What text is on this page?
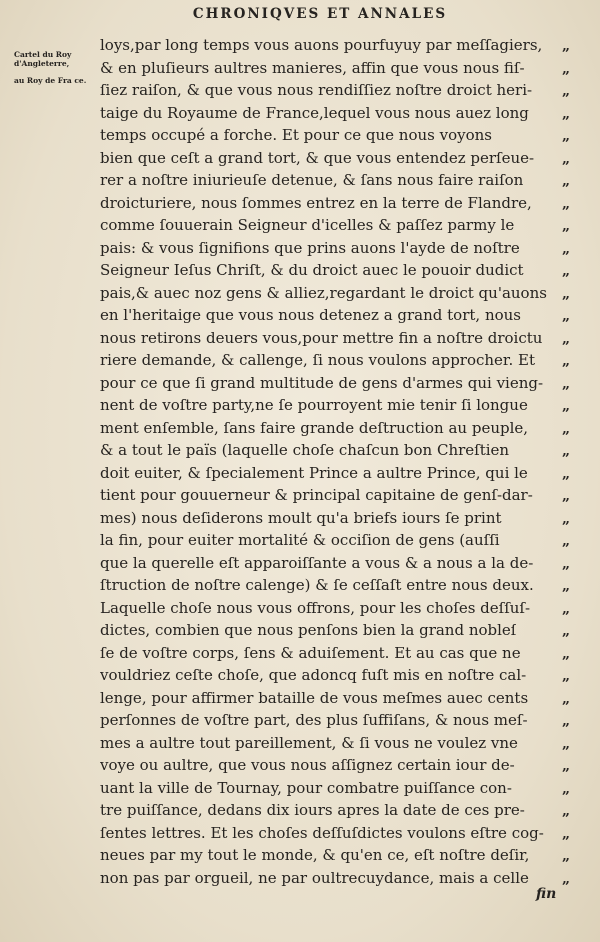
CHRONIQVES ET ANNALES
Cartel du Roy d'Angleterre,
au Roy de Fra ce.
loys,par long temps vous auons pourfuyuy par meſſagiers, „
& en pluſieurs aultres manieres, affin que vous nous fiſ-	„
ſiez raiſon, & que vous nous rendiſſiez noſtre droict heri- „
taige du Royaume de France,lequel vous nous auez long „
temps occupé a forche. Et pour ce que nous voyons	„
bien que ceſt a grand tort, & que vous entendez perſeue- „
rer a noſtre iniurieuſe detenue, & ſans nous faire raiſon	„
droicturiere, nous ſommes entrez en la terre de Flandre, „
comme ſouuerain Seigneur d'icelles & paſſez parmy le	„
pais: & vous ſignifions que prins auons l'ayde de noſtre	„
Seigneur Ieſus Chriſt, & du droict auec le pouoir dudict	„
pais,& auec noz gens & alliez,regardant le droict qu'auons „
en l'heritaige que vous nous detenez a grand tort, nous	„
nous retirons deuers vous,pour mettre fin a noſtre droictu „
riere demande, & callenge, ſi nous voulons approcher. Et „
pour ce que ſi grand multitude de gens d'armes qui vieng- „
nent de voſtre party,ne ſe pourroyent mie tenir ſi longue „
ment enſemble, ſans faire grande deſtruction au peuple, „
& a tout le païs (laquelle choſe chaſcun bon Chreſtien	„
doit euiter, & ſpecialement Prince a aultre Prince, qui le „
tient pour gouuerneur & principal capitaine de genſ-dar- „
mes) nous deſiderons moult qu'a briefs iours ſe print	„
la fin, pour euiter mortalité & occiſion de gens (auſſi	„
que la querelle eſt apparoiſſante a vous & a nous a la de- „
ſtruction de noſtre calenge) & ſe ceſſaſt entre nous deux. „
Laquelle choſe nous vous offrons, pour les choſes deſſuſ- „
dictes, combien que nous penſons bien la grand nobleſ	„
ſe de voſtre corps, ſens & aduiſement. Et au cas que ne	„
vouldriez ceſte choſe, que adoncq fuſt mis en noſtre cal-	„
lenge, pour affirmer bataille de vous meſmes auec cents „
perſonnes de voſtre part, des plus ſuffiſans, & nous meſ- „
mes a aultre tout pareillement, & ſi vous ne voulez vne	„
voye ou aultre, que vous nous aſſignez certain iour de-	„
uant la ville de Tournay, pour combatre puiſſance con-	„
tre puiſſance, dedans dix iours apres la date de ces pre-	„
ſentes lettres. Et les choſes deſſuſdictes voulons eſtre cog- „
neues par my tout le monde, & qu'en ce, eſt noſtre deſir, „
non pas par orgueil, ne par oultrecuydance, mais a celle „
fin
